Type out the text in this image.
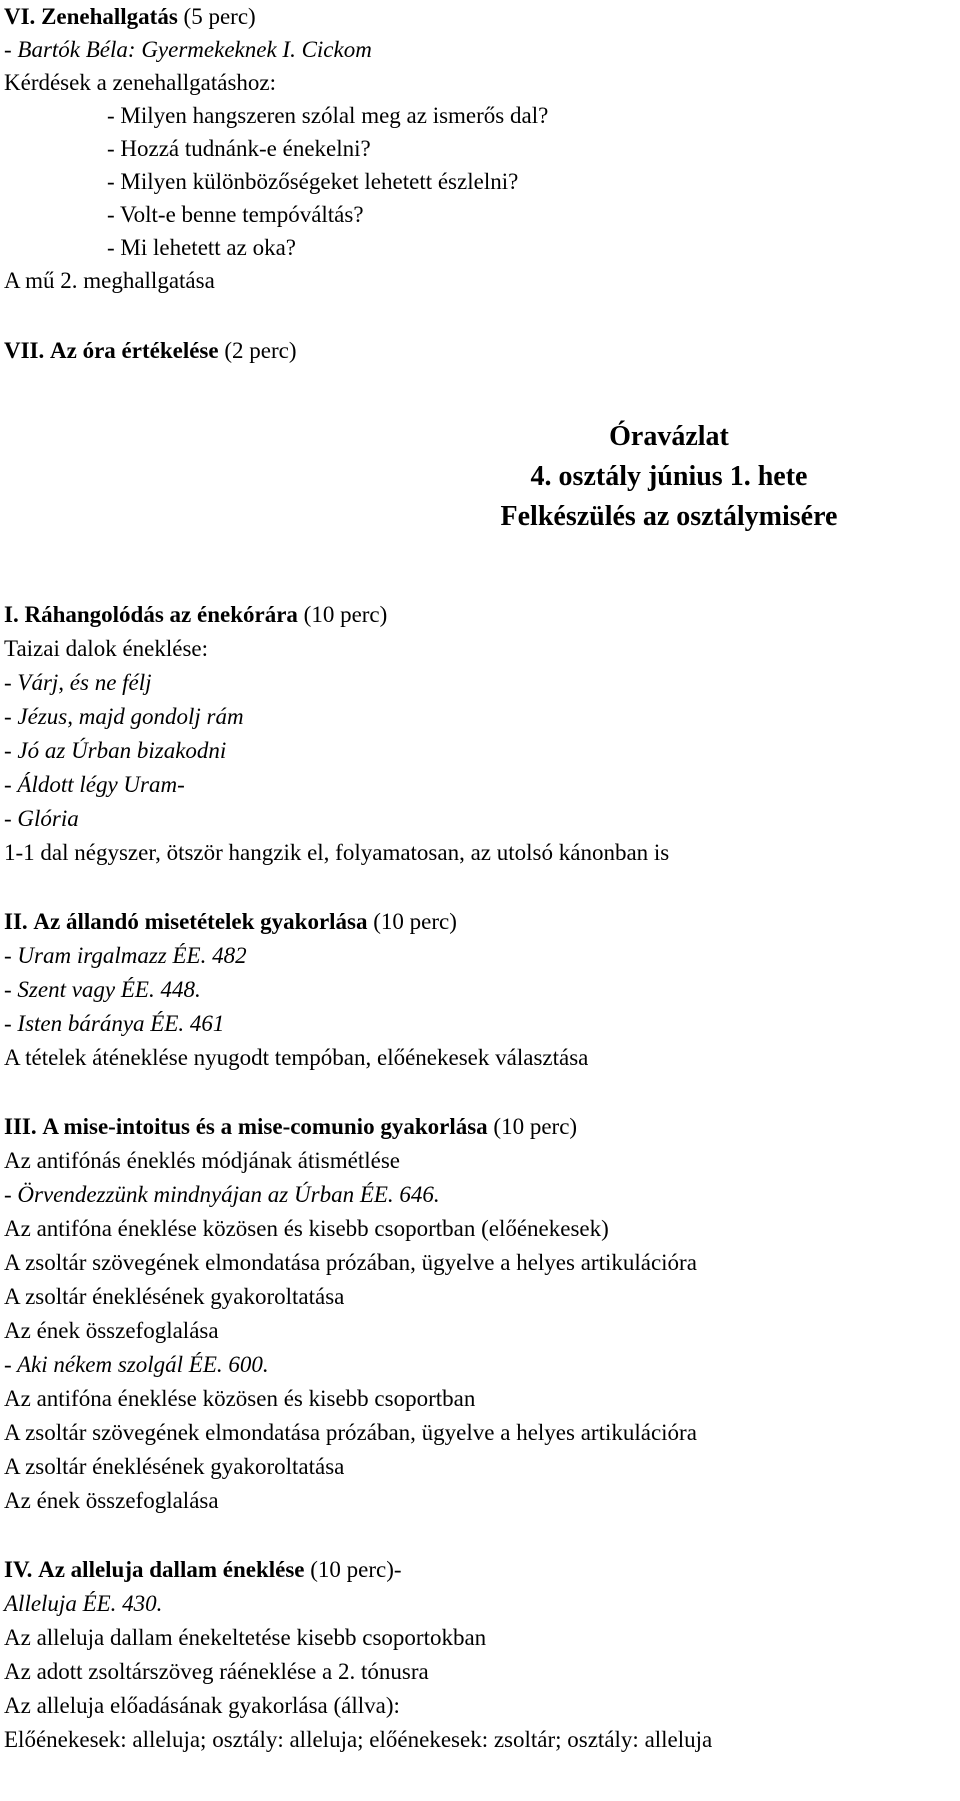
VI. Zenehallgatás (5 perc)
- Bartók Béla: Gyermekeknek I. Cickom
Kérdések a zenehallgatáshoz:
- Milyen hangszeren szólal meg az ismerős dal?
- Hozzá tudnánk-e énekelni?
- Milyen különbözőségeket lehetett észlelni?
- Volt-e benne tempóváltás?
- Mi lehetett az oka?
A mű 2. meghallgatása
VII. Az óra értékelése (2 perc)
Óravázlat
4. osztály június 1. hete
Felkészülés az osztálymisére
I. Ráhangolódás az énekórára (10 perc)
Taizai dalok éneklése:
- Várj, és ne félj
- Jézus, majd gondolj rám
- Jó az Úrban bizakodni
- Áldott légy Uram-
- Glória
1-1 dal négyszer, ötször hangzik el, folyamatosan, az utolsó kánonban is
II. Az állandó misetételek gyakorlása (10 perc)
- Uram irgalmazz ÉE. 482
- Szent vagy ÉE. 448.
- Isten báránya ÉE. 461
A tételek áténeklése nyugodt tempóban, előénekesek választása
III. A mise-intoitus és a mise-comunio gyakorlása (10 perc)
Az antifónás éneklés módjának átismétlése
- Örvendezzünk mindnyájan az Úrban ÉE. 646.
Az antifóna éneklése közösen és kisebb csoportban (előénekesek)
A zsoltár szövegének elmondatása prózában, ügyelve a helyes artikulációra
A zsoltár éneklésének gyakoroltatása
Az ének összefoglalása
- Aki nékem szolgál ÉE. 600.
Az antifóna éneklése közösen és kisebb csoportban
A zsoltár szövegének elmondatása prózában, ügyelve a helyes artikulációra
A zsoltár éneklésének gyakoroltatása
Az ének összefoglalása
IV. Az alleluja dallam éneklése (10 perc)-
Alleluja ÉE. 430.
Az alleluja dallam énekeltetése kisebb csoportokban
Az adott zsoltárszöveg ráéneklése a 2. tónusra
Az alleluja előadásának gyakorlása (állva):
Előénekesek: alleluja; osztály: alleluja; előénekesek: zsoltár; osztály: alleluja
